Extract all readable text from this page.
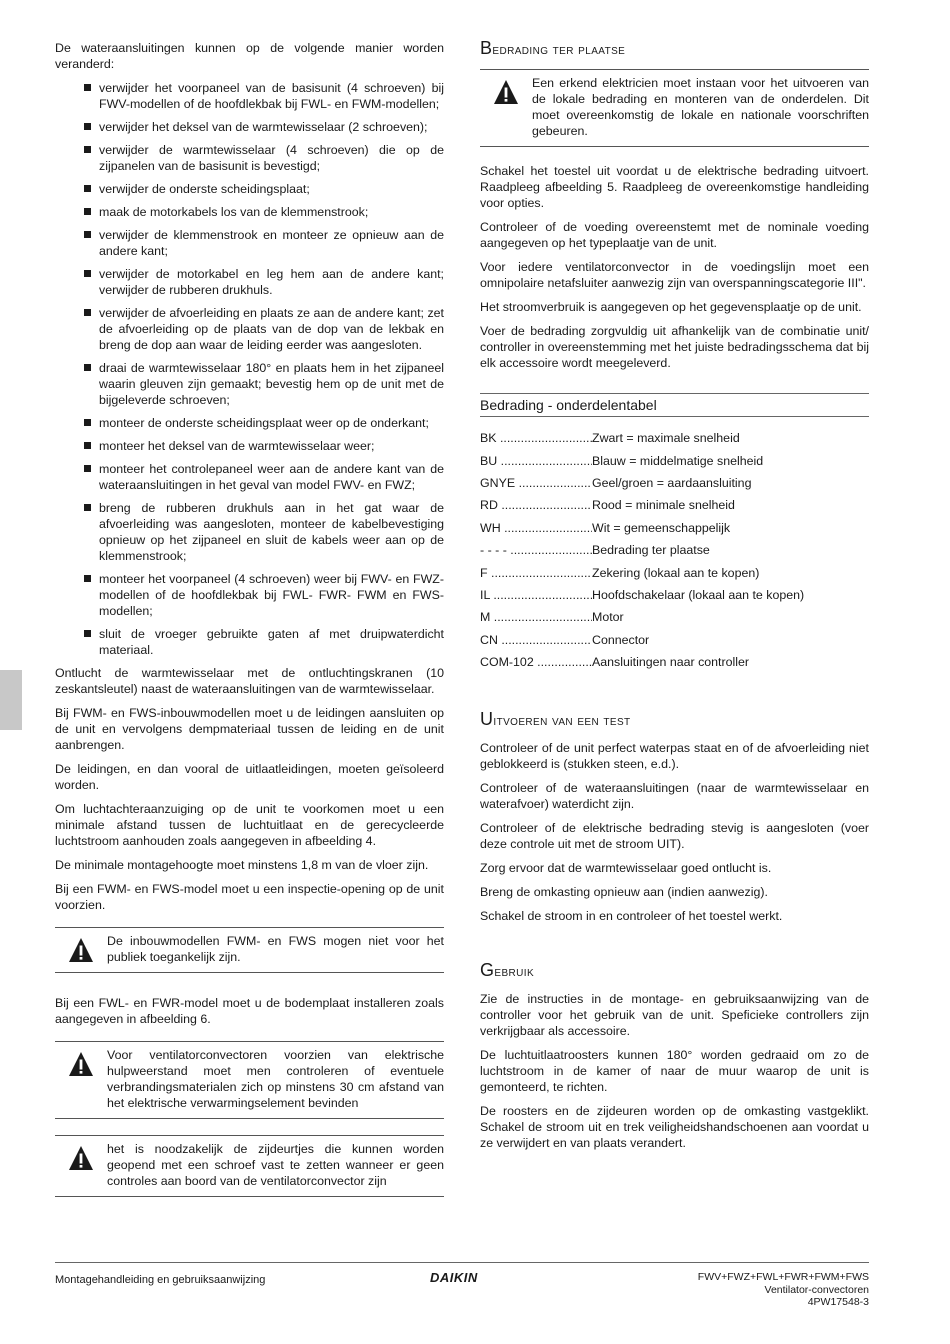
De wateraansluitingen kunnen op de volgende manier worden veranderd:

verwijder het voorpaneel van de basisunit (4 schroeven) bij FWV-modellen of de hoofdlekbak bij FWL- en FWM-modellen;
verwijder het deksel van de warmtewisselaar (2 schroeven);
verwijder de warmtewisselaar (4 schroeven) die op de zijpanelen van de basisunit is bevestigd;
verwijder de onderste scheidingsplaat;
maak de motorkabels los van de klemmenstrook;
verwijder de klemmenstrook en monteer ze opnieuw aan de andere kant;
verwijder de motorkabel en leg hem aan de andere kant; verwijder de rubberen drukhuls.
verwijder de afvoerleiding en plaats ze aan de andere kant; zet de afvoerleiding op de plaats van de dop van de lekbak en breng de dop aan waar de leiding eerder was aangesloten.
draai de warmtewisselaar 180° en plaats hem in het zijpaneel waarin gleuven zijn gemaakt; bevestig hem op de unit met de bijgeleverde schroeven;
monteer de onderste scheidingsplaat weer op de onderkant;
monteer het deksel van de warmtewisselaar weer;
monteer het controlepaneel weer aan de andere kant van de wateraansluitingen in het geval van model FWV- en FWZ;
breng de rubberen drukhuls aan in het gat waar de afvoerleiding was aangesloten, monteer de kabelbevestiging opnieuw op het zijpaneel en sluit de kabels weer aan op de klemmenstrook;
monteer het voorpaneel (4 schroeven) weer bij FWV- en FWZ-modellen of de hoofdlekbak bij FWL- FWR- FWM en FWS-modellen;
sluit de vroeger gebruikte gaten af met druipwaterdicht materiaal.

Ontlucht de warmtewisselaar met de ontluchtingskranen (10 zeskantsleutel) naast de wateraansluitingen van de warmtewisselaar.

Bij FWM- en FWS-inbouwmodellen moet u de leidingen aansluiten op de unit en vervolgens dempmateriaal tussen de leiding en de unit aanbrengen.

De leidingen, en dan vooral de uitlaatleidingen, moeten geïsoleerd worden.

Om luchtachteraanzuiging op de unit te voorkomen moet u een minimale afstand tussen de luchtuitlaat en de gerecycleerde luchtstroom aanhouden zoals aangegeven in afbeelding 4.

De minimale montagehoogte moet minstens 1,8 m van de vloer zijn.

Bij een FWM- en FWS-model moet u een inspectie-opening op de unit voorzien.

De inbouwmodellen FWM- en FWS mogen niet voor het publiek toegankelijk zijn.

Bij een FWL- en FWR-model moet u de bodemplaat installeren zoals aangegeven in afbeelding 6.

Voor ventilatorconvectoren voorzien van elektrische hulpweerstand moet men controleren of eventuele verbrandingsmaterialen zich op minstens 30 cm afstand van het elektrische verwarmingselement bevinden
het is noodzakelijk de zijdeurtjes die kunnen worden geopend met een schroef vast te zetten wanneer er geen controles aan boord van de ventilatorconvector zijn
Bedrading ter plaatse
Een erkend elektricien moet instaan voor het uitvoeren van de lokale bedrading en monteren van de onderdelen. Dit moet overeenkomstig de lokale en nationale voorschriften gebeuren.

Schakel het toestel uit voordat u de elektrische bedrading uitvoert. Raadpleeg afbeelding 5. Raadpleeg de overeenkomstige handleiding voor opties.

Controleer of de voeding overeenstemt met de nominale voeding aangegeven op het typeplaatje van de unit.

Voor iedere ventilatorconvector in de voedingslijn moet een omnipolaire netafsluiter aanwezig zijn van overspanningscategorie III".

Het stroomverbruik is aangegeven op het gegevensplaatje op de unit.

Voer de bedrading zorgvuldig uit afhankelijk van de combinatie unit/ controller in overeenstemming met het juiste bedradingsschema dat bij elk accessoire wordt meegeleverd.

Bedrading - onderdelentabel
BK .....	Zwart = maximale snelheid
BU .....	Blauw = middelmatige snelheid
GNYE .....	Geel/groen = aardaansluiting
RD .....	Rood = minimale snelheid
WH .....	Wit = gemeenschappelijk
- - - - .....	Bedrading ter plaatse
F .....	Zekering (lokaal aan te kopen)
IL .....	Hoofdschakelaar (lokaal aan te kopen)
M .....	Motor
CN .....	Connector
COM-102 .....	Aansluitingen naar controller
Uitvoeren van een test

Controleer of de unit perfect waterpas staat en of de afvoerleiding niet geblokkeerd is (stukken steen, e.d.).

Controleer of de wateraansluitingen (naar de warmtewisselaar en waterafvoer) waterdicht zijn.

Controleer of de elektrische bedrading stevig is aangesloten (voer deze controle uit met de stroom UIT).

Zorg ervoor dat de warmtewisselaar goed ontlucht is.

Breng de omkasting opnieuw aan (indien aanwezig).

Schakel de stroom in en controleer of het toestel werkt.

Gebruik

Zie de instructies in de montage- en gebruiksaanwijzing van de controller voor het gebruik van de unit. Speficieke controllers zijn verkrijgbaar als accessoire.

De luchtuitlaatroosters kunnen 180° worden gedraaid om zo de luchtstroom in de kamer of naar de muur waarop de unit is gemonteerd, te richten.

De roosters en de zijdeuren worden op de omkasting vastgeklikt. Schakel de stroom uit en trek veiligheidshandschoenen aan voordat u ze verwijdert en van plaats verandert.

Montagehandleiding en gebruiksaanwijzing	DAIKIN	FWV+FWZ+FWL+FWR+FWM+FWS
Ventilator-convectoren
4PW17548-3
